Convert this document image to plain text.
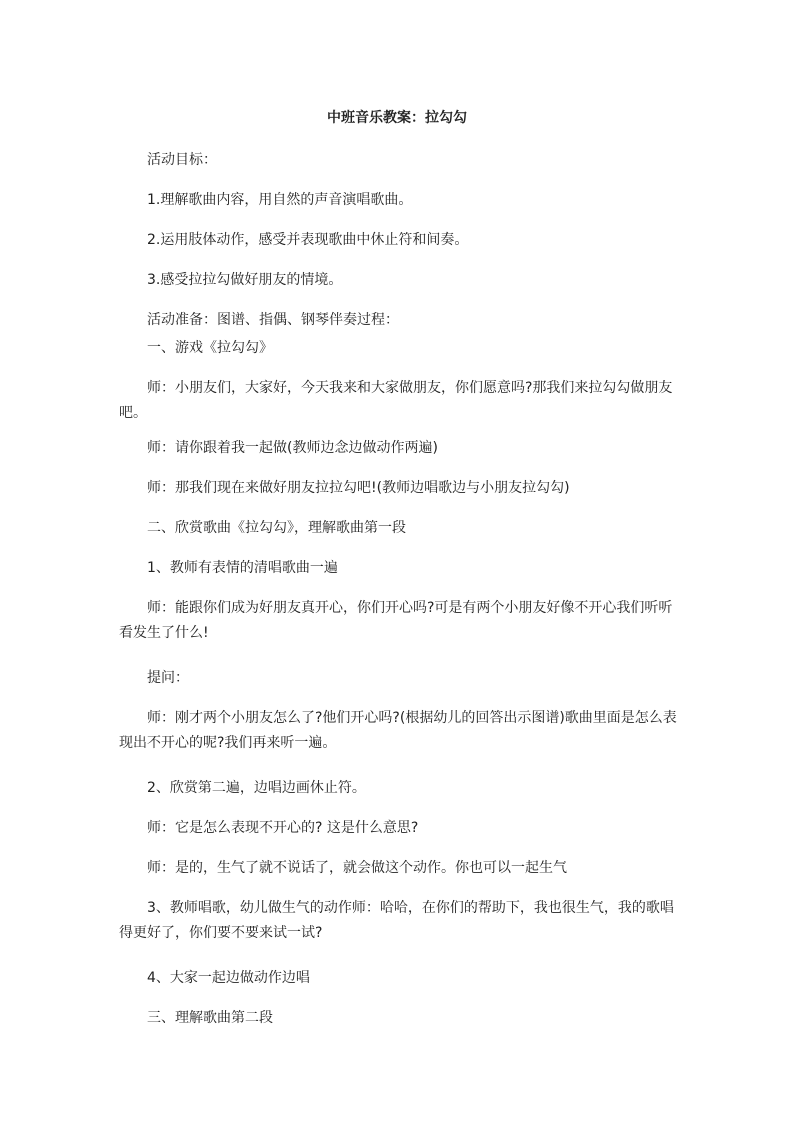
中班音乐教案：拉勾勾
活动目标：
1.理解歌曲内容，用自然的声音演唱歌曲。
2.运用肢体动作，感受并表现歌曲中休止符和间奏。
3.感受拉拉勾做好朋友的情境。
活动准备：图谱、指偶、钢琴伴奏过程：
一、游戏《拉勾勾》
师：小朋友们，大家好，今天我来和大家做朋友，你们愿意吗?那我们来拉勾勾做朋友吧。
师：请你跟着我一起做(教师边念边做动作两遍)
师：那我们现在来做好朋友拉拉勾吧!(教师边唱歌边与小朋友拉勾勾)
二、欣赏歌曲《拉勾勾》，理解歌曲第一段
1、教师有表情的清唱歌曲一遍
师：能跟你们成为好朋友真开心，你们开心吗?可是有两个小朋友好像不开心我们听听看发生了什么!
提问：
师：刚才两个小朋友怎么了?他们开心吗?(根据幼儿的回答出示图谱)歌曲里面是怎么表现出不开心的呢?我们再来听一遍。
2、欣赏第二遍，边唱边画休止符。
师：它是怎么表现不开心的? 这是什么意思?
师：是的，生气了就不说话了，就会做这个动作。你也可以一起生气
3、教师唱歌，幼儿做生气的动作师：哈哈，在你们的帮助下，我也很生气，我的歌唱得更好了，你们要不要来试一试?
4、大家一起边做动作边唱
三、理解歌曲第二段
